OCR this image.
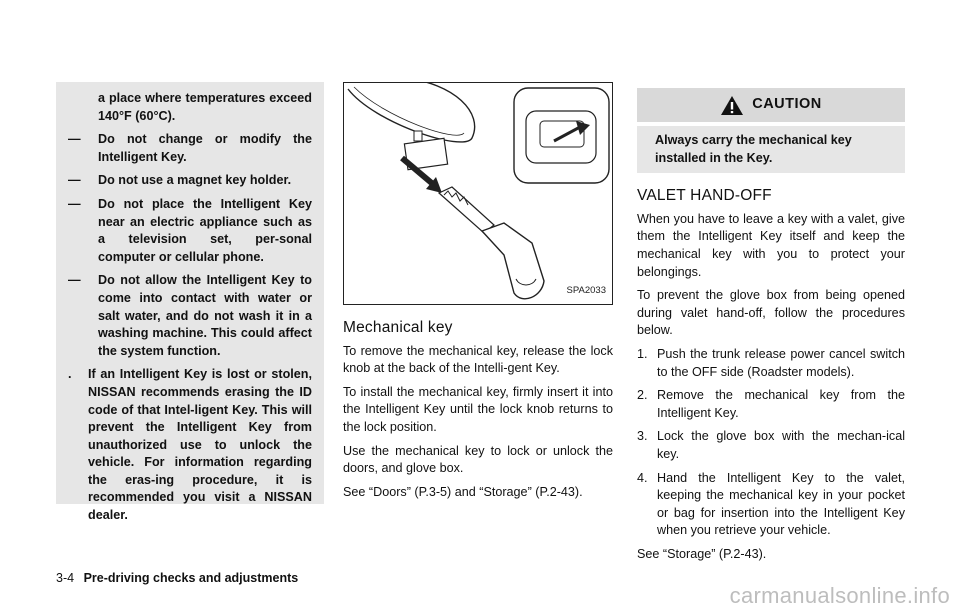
a place where temperatures exceed 140°F (60°C).
— Do not change or modify the Intelligent Key.
— Do not use a magnet key holder.
— Do not place the Intelligent Key near an electric appliance such as a television set, per-sonal computer or cellular phone.
— Do not allow the Intelligent Key to come into contact with water or salt water, and do not wash it in a washing machine. This could affect the system function.
. If an Intelligent Key is lost or stolen, NISSAN recommends erasing the ID code of that Intel-ligent Key. This will prevent the Intelligent Key from unauthorized use to unlock the vehicle. For information regarding the eras-ing procedure, it is recommended you visit a NISSAN dealer.
SPA2033
Mechanical key

To remove the mechanical key, release the lock knob at the back of the Intelli-gent Key.

To install the mechanical key, firmly insert it into the Intelligent Key until the lock knob returns to the lock position.

Use the mechanical key to lock or unlock the doors, and glove box.

See “Doors” (P.3-5) and “Storage” (P.2-43).

CAUTION
Always carry the mechanical key installed in the Key.
VALET HAND-OFF

When you have to leave a key with a valet, give them the Intelligent Key itself and keep the mechanical key with you to protect your belongings.

To prevent the glove box from being opened during valet hand-off, follow the procedures below.

1. Push the trunk release power cancel switch to the OFF side (Roadster models).
2. Remove the mechanical key from the Intelligent Key.
3. Lock the glove box with the mechan-ical key.
4. Hand the Intelligent Key to the valet, keeping the mechanical key in your pocket or bag for insertion into the Intelligent Key when you retrieve your vehicle.

See “Storage” (P.2-43).

3-4 Pre-driving checks and adjustments
carmanualsonline.info
